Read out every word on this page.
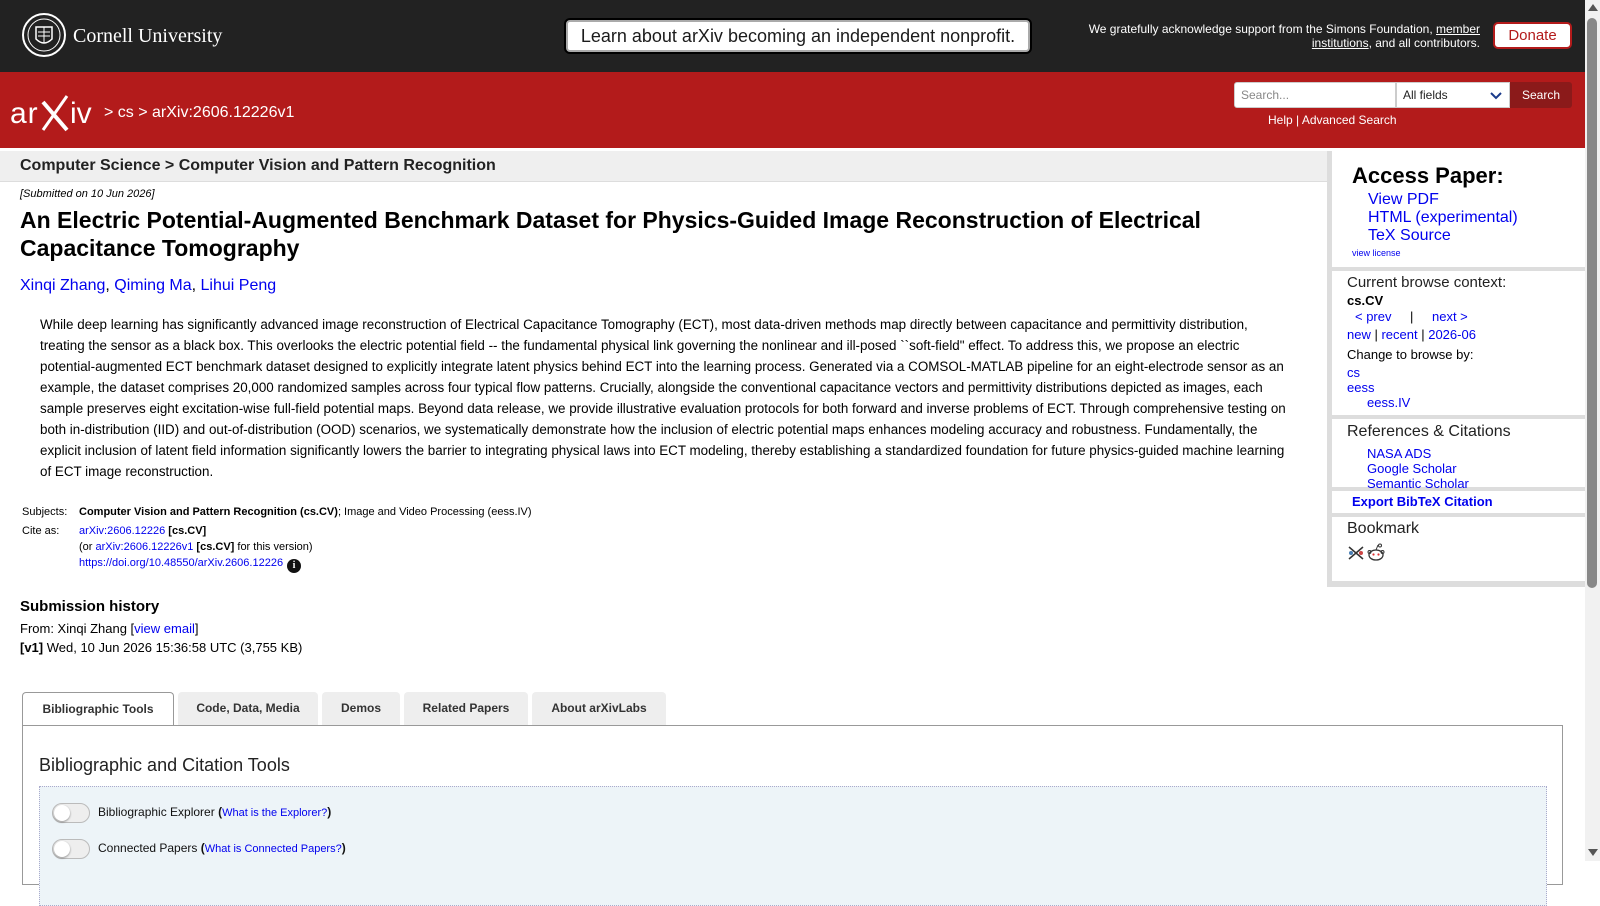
Cornell University	Learn about arXiv becoming an independent nonprofit.	We gratefully acknowledge support from the Simons Foundation, member
institutions, and all contributors.	Donate
ar iv > cs > arXiv:2606.12226v1
Search...	All fields	Search
Help | Advanced Search
Computer Science > Computer Vision and Pattern Recognition
[Submitted on 10 Jun 2026]
An Electric Potential-Augmented Benchmark Dataset for Physics-Guided Image Reconstruction of Electrical Capacitance Tomography
Xinqi Zhang, Qiming Ma, Lihui Peng
While deep learning has significantly advanced image reconstruction of Electrical Capacitance Tomography (ECT), most data-driven methods map directly between capacitance and permittivity distribution, treating the sensor as a black box. This overlooks the electric potential field -- the fundamental physical link governing the nonlinear and ill-posed ``soft-field" effect. To address this, we propose an electric potential-augmented ECT benchmark dataset designed to explicitly integrate latent physics behind ECT into the learning process. Generated via a COMSOL-MATLAB pipeline for an eight-electrode sensor as an example, the dataset comprises 20,000 randomized samples across four typical flow patterns. Crucially, alongside the conventional capacitance vectors and permittivity distributions depicted as images, each sample preserves eight excitation-wise full-field potential maps. Beyond data release, we provide illustrative evaluation protocols for both forward and inverse problems of ECT. Through comprehensive testing on both in-distribution (IID) and out-of-distribution (OOD) scenarios, we systematically demonstrate how the inclusion of electric potential maps enhances modeling accuracy and robustness. Fundamentally, the explicit inclusion of latent field information significantly lowers the barrier to integrating physical laws into ECT modeling, thereby establishing a standardized foundation for future physics-guided machine learning of ECT image reconstruction.
Subjects:	Computer Vision and Pattern Recognition (cs.CV); Image and Video Processing (eess.IV)
Cite as:	arXiv:2606.12226 [cs.CV]
(or arXiv:2606.12226v1 [cs.CV] for this version)
https://doi.org/10.48550/arXiv.2606.12226 i
Submission history
From: Xinqi Zhang [view email]
[v1] Wed, 10 Jun 2026 15:36:58 UTC (3,755 KB)
Bibliographic Tools	Code, Data, Media	Demos	Related Papers	About arXivLabs
Bibliographic and Citation Tools
Bibliographic Explorer (What is the Explorer?)
Connected Papers (What is Connected Papers?)
Access Paper:
View PDF
HTML (experimental)
TeX Source
view license
Current browse context:
cs.CV
< prev | next >
new | recent | 2026-06
Change to browse by:
cs
eess
eess.IV
References & Citations
NASA ADS
Google Scholar
Semantic Scholar
Export BibTeX Citation
Bookmark
